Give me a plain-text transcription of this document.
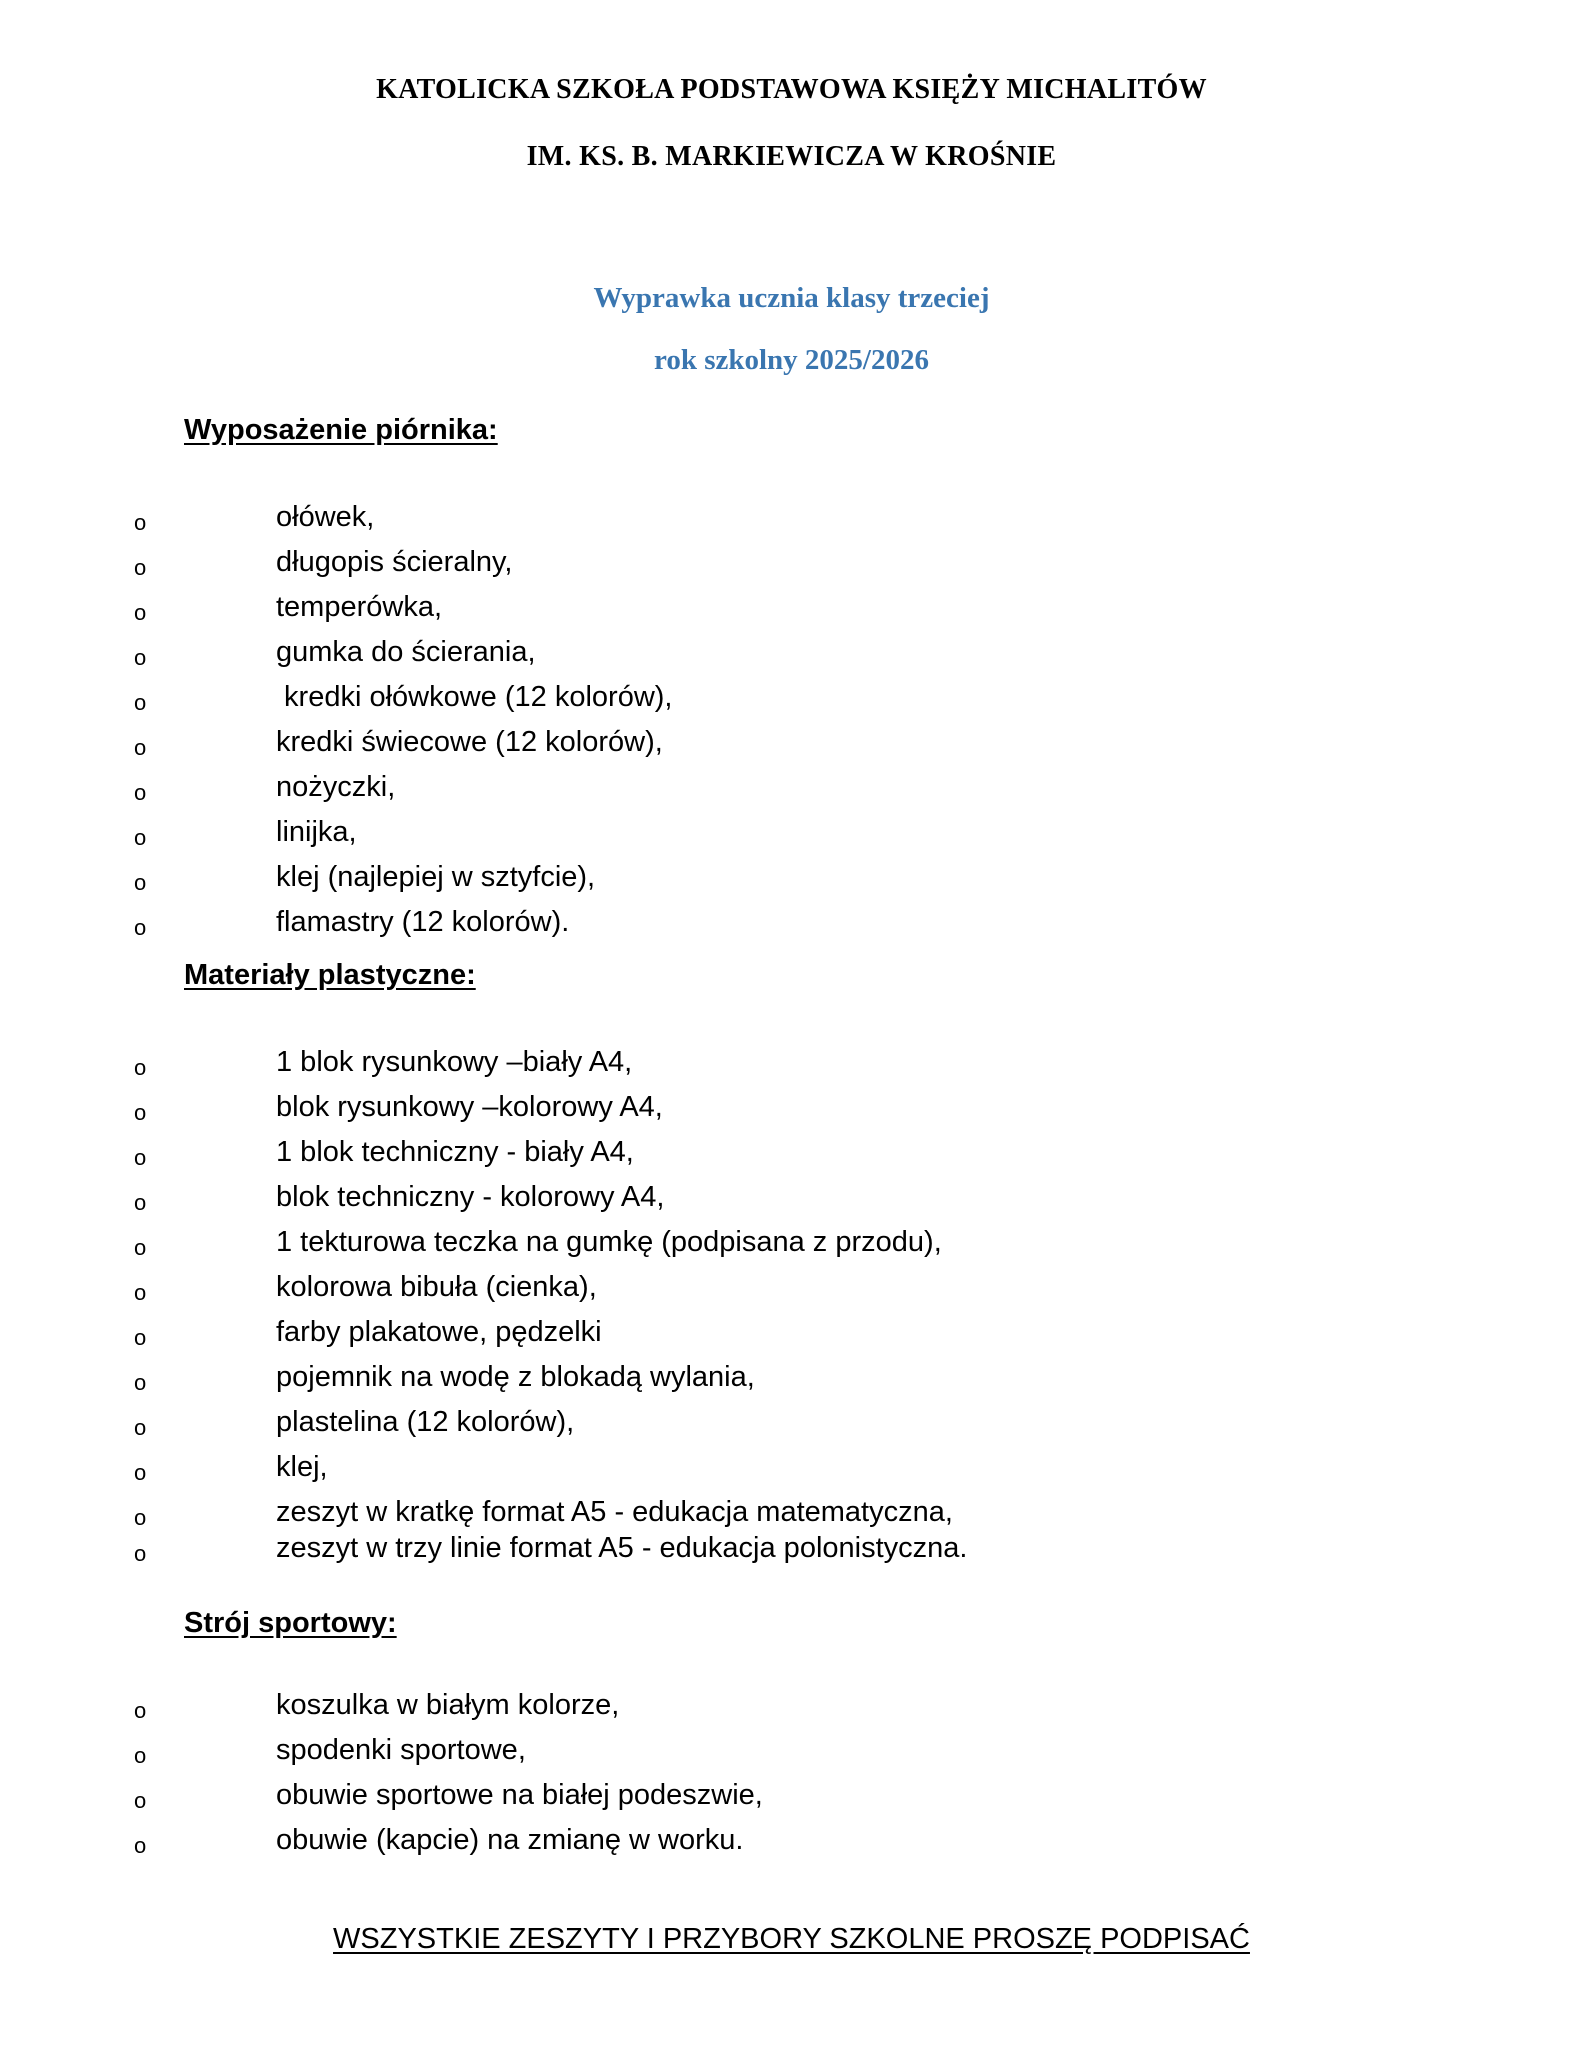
KATOLICKA SZKOŁA PODSTAWOWA KSIĘŻY MICHALITÓW
IM. KS. B. MARKIEWICZA W KROŚNIE
Wyprawka ucznia klasy trzeciej
rok szkolny 2025/2026
Wyposażenie piórnika:
o	ołówek,
o	długopis ścieralny,
o	temperówka,
o	gumka do ścierania,
o	kredki ołówkowe (12 kolorów),
o	kredki świecowe (12 kolorów),
o	nożyczki,
o	linijka,
o	klej (najlepiej w sztyfcie),
o	flamastry (12 kolorów).
Materiały plastyczne:
o	1 blok rysunkowy –biały A4,
o	blok rysunkowy –kolorowy A4,
o	1 blok techniczny - biały A4,
o	blok techniczny - kolorowy A4,
o	1 tekturowa teczka na gumkę (podpisana z przodu),
o	kolorowa bibuła (cienka),
o	farby plakatowe, pędzelki
o	pojemnik na wodę z blokadą wylania,
o	plastelina (12 kolorów),
o	klej,
o	zeszyt w kratkę format A5 - edukacja matematyczna,
o	zeszyt w trzy linie format A5 - edukacja polonistyczna.
Strój sportowy:
o	koszulka w białym kolorze,
o	spodenki sportowe,
o	obuwie sportowe na białej podeszwie,
o	obuwie (kapcie) na zmianę w worku.
WSZYSTKIE ZESZYTY I PRZYBORY SZKOLNE PROSZĘ PODPISAĆ
